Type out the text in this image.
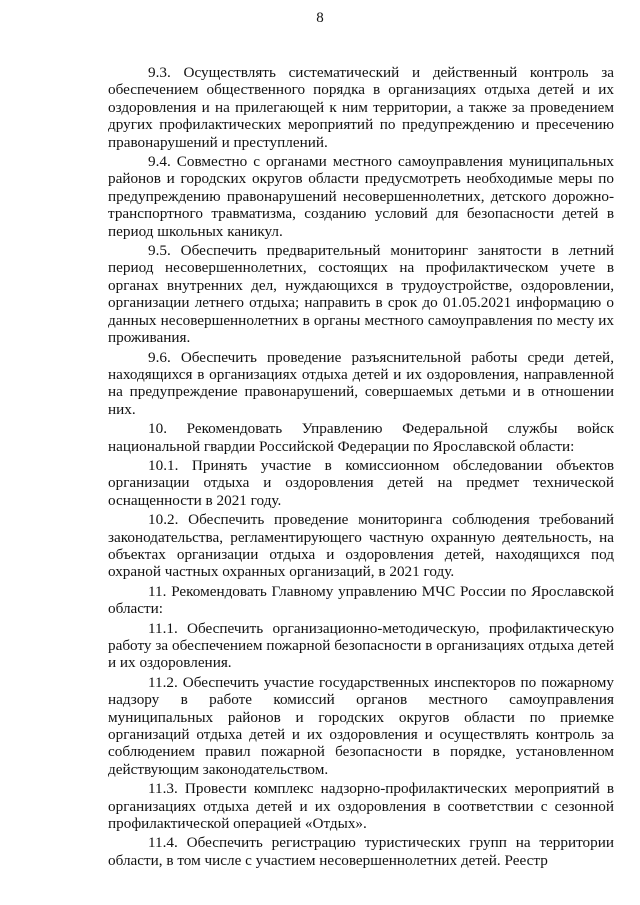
8

9.3. Осуществлять систематический и действенный контроль за обеспечением общественного порядка в организациях отдыха детей и их оздоровления и на прилегающей к ним территории, а также за проведением других профилактических мероприятий по предупреждению и пресечению правонарушений и преступлений.

9.4. Совместно с органами местного самоуправления муниципальных районов и городских округов области предусмотреть необходимые меры по предупреждению правонарушений несовершеннолетних, детского дорожно-транспортного травматизма, созданию условий для безопасности детей в период школьных каникул.

9.5. Обеспечить предварительный мониторинг занятости в летний период несовершеннолетних, состоящих на профилактическом учете в органах внутренних дел, нуждающихся в трудоустройстве, оздоровлении, организации летнего отдыха; направить в срок до 01.05.2021 информацию о данных несовершеннолетних в органы местного самоуправления по месту их проживания.

9.6. Обеспечить проведение разъяснительной работы среди детей, находящихся в организациях отдыха детей и их оздоровления, направленной на предупреждение правонарушений, совершаемых детьми и в отношении них.

10. Рекомендовать Управлению Федеральной службы войск национальной гвардии Российской Федерации по Ярославской области:

10.1. Принять участие в комиссионном обследовании объектов организации отдыха и оздоровления детей на предмет технической оснащенности в 2021 году.

10.2. Обеспечить проведение мониторинга соблюдения требований законодательства, регламентирующего частную охранную деятельность, на объектах организации отдыха и оздоровления детей, находящихся под охраной частных охранных организаций, в 2021 году.

11. Рекомендовать Главному управлению МЧС России по Ярославской области:

11.1. Обеспечить организационно-методическую, профилактическую работу за обеспечением пожарной безопасности в организациях отдыха детей и их оздоровления.

11.2. Обеспечить участие государственных инспекторов по пожарному надзору в работе комиссий органов местного самоуправления муниципальных районов и городских округов области по приемке организаций отдыха детей и их оздоровления и осуществлять контроль за соблюдением правил пожарной безопасности в порядке, установленном действующим законодательством.

11.3. Провести комплекс надзорно-профилактических мероприятий в организациях отдыха детей и их оздоровления в соответствии с сезонной профилактической операцией «Отдых».

11.4. Обеспечить регистрацию туристических групп на территории области, в том числе с участием несовершеннолетних детей. Реестр
